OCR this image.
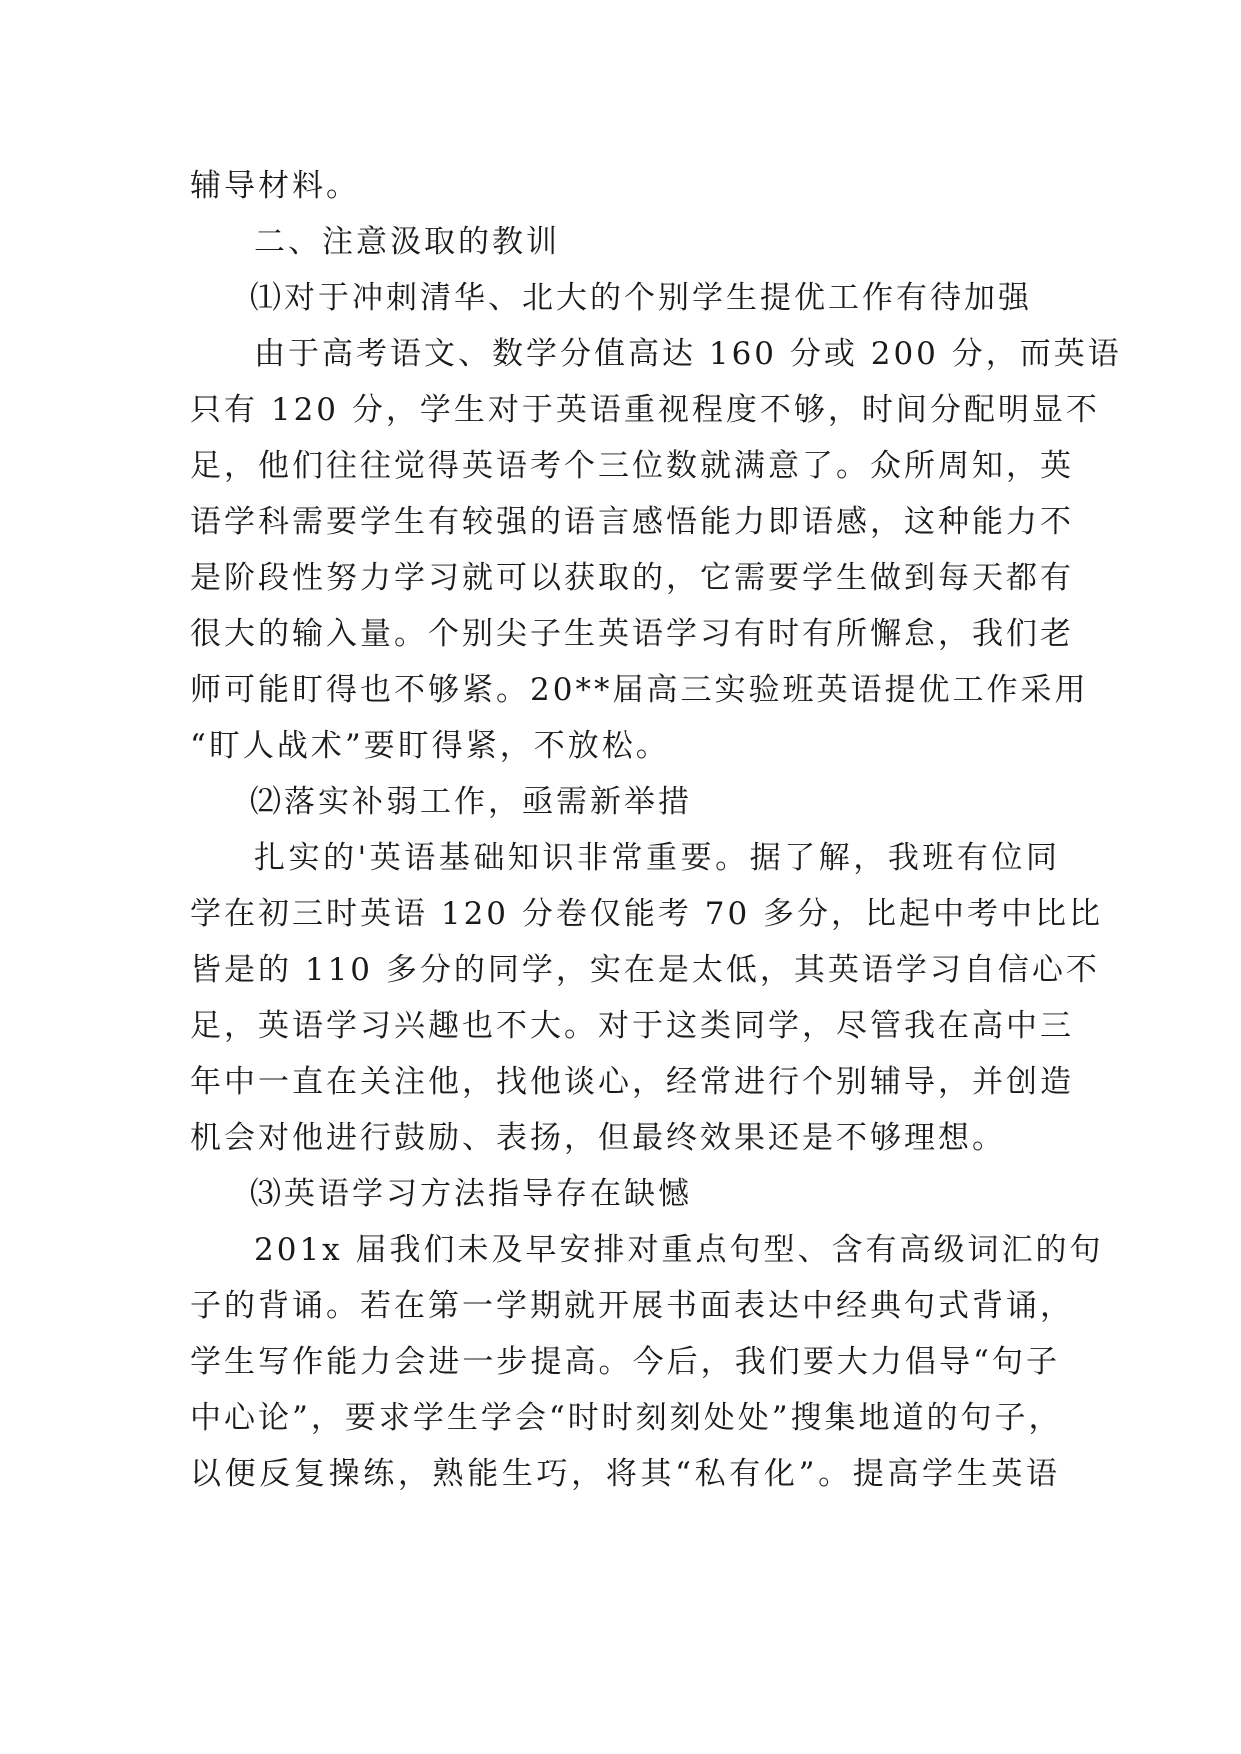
辅导材料。
二、注意汲取的教训
⑴对于冲刺清华、北大的个别学生提优工作有待加强
由于高考语文、数学分值高达 160 分或 200 分，而英语
只有 120 分，学生对于英语重视程度不够，时间分配明显不
足，他们往往觉得英语考个三位数就满意了。众所周知，英
语学科需要学生有较强的语言感悟能力即语感，这种能力不
是阶段性努力学习就可以获取的，它需要学生做到每天都有
很大的输入量。个别尖子生英语学习有时有所懈怠，我们老
师可能盯得也不够紧。20**届高三实验班英语提优工作采用
“盯人战术”要盯得紧，不放松。
⑵落实补弱工作，亟需新举措
扎实的'英语基础知识非常重要。据了解，我班有位同
学在初三时英语 120 分卷仅能考 70 多分，比起中考中比比
皆是的 110 多分的同学，实在是太低，其英语学习自信心不
足，英语学习兴趣也不大。对于这类同学，尽管我在高中三
年中一直在关注他，找他谈心，经常进行个别辅导，并创造
机会对他进行鼓励、表扬，但最终效果还是不够理想。
⑶英语学习方法指导存在缺憾
201x 届我们未及早安排对重点句型、含有高级词汇的句
子的背诵。若在第一学期就开展书面表达中经典句式背诵，
学生写作能力会进一步提高。今后，我们要大力倡导“句子
中心论”，要求学生学会“时时刻刻处处”搜集地道的句子，
以便反复操练，熟能生巧，将其“私有化”。提高学生英语
